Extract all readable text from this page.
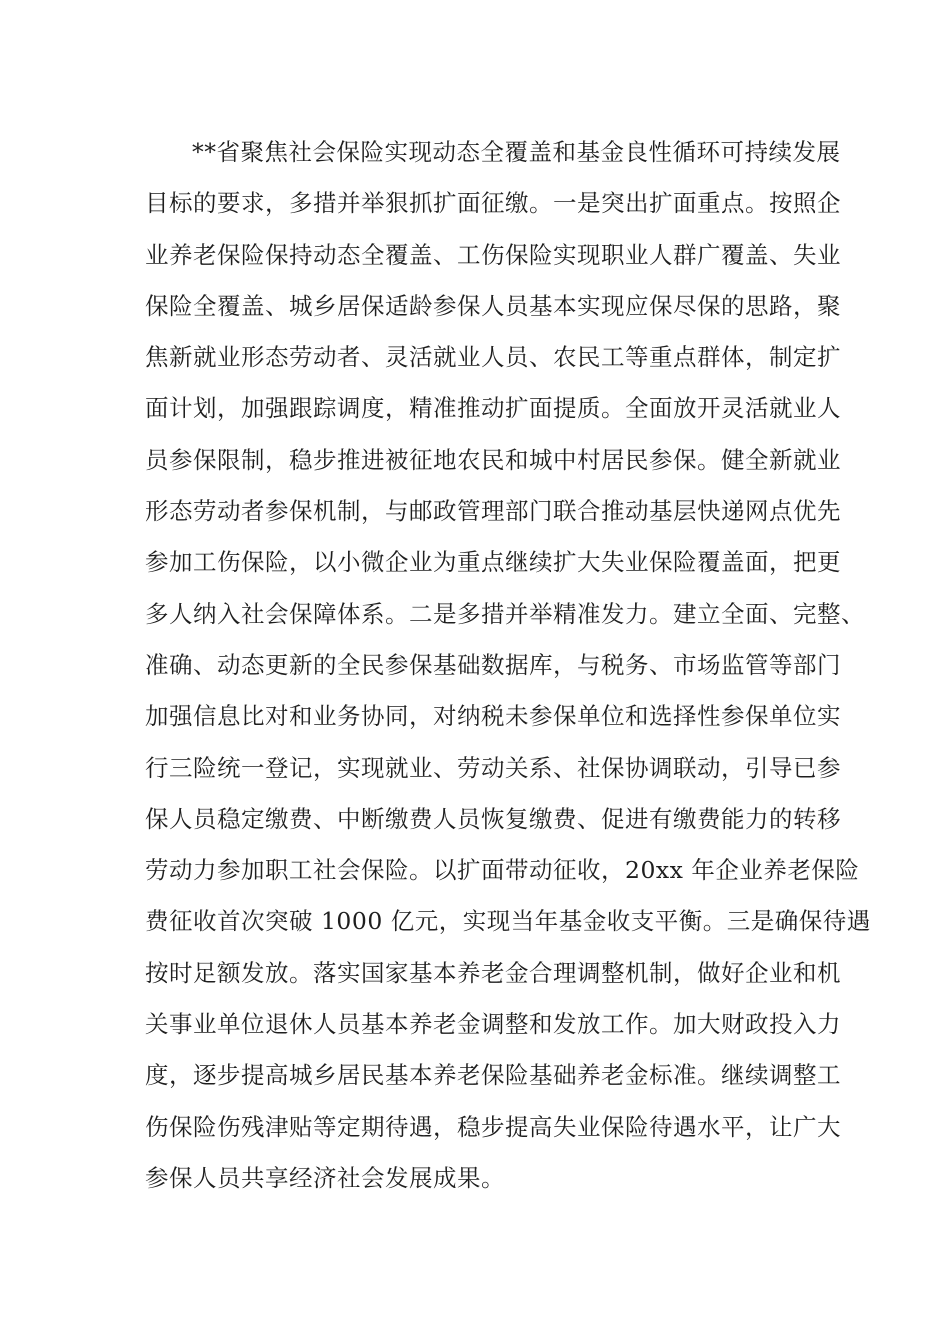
**省聚焦社会保险实现动态全覆盖和基金良性循环可持续发展
目标的要求，多措并举狠抓扩面征缴。一是突出扩面重点。按照企
业养老保险保持动态全覆盖、工伤保险实现职业人群广覆盖、失业
保险全覆盖、城乡居保适龄参保人员基本实现应保尽保的思路，聚
焦新就业形态劳动者、灵活就业人员、农民工等重点群体，制定扩
面计划，加强跟踪调度，精准推动扩面提质。全面放开灵活就业人
员参保限制，稳步推进被征地农民和城中村居民参保。健全新就业
形态劳动者参保机制，与邮政管理部门联合推动基层快递网点优先
参加工伤保险，以小微企业为重点继续扩大失业保险覆盖面，把更
多人纳入社会保障体系。二是多措并举精准发力。建立全面、完整、
准确、动态更新的全民参保基础数据库，与税务、市场监管等部门
加强信息比对和业务协同，对纳税未参保单位和选择性参保单位实
行三险统一登记，实现就业、劳动关系、社保协调联动，引导已参
保人员稳定缴费、中断缴费人员恢复缴费、促进有缴费能力的转移
劳动力参加职工社会保险。以扩面带动征收，20xx 年企业养老保险
费征收首次突破 1000 亿元，实现当年基金收支平衡。三是确保待遇
按时足额发放。落实国家基本养老金合理调整机制，做好企业和机
关事业单位退休人员基本养老金调整和发放工作。加大财政投入力
度，逐步提高城乡居民基本养老保险基础养老金标准。继续调整工
伤保险伤残津贴等定期待遇，稳步提高失业保险待遇水平，让广大
参保人员共享经济社会发展成果。
